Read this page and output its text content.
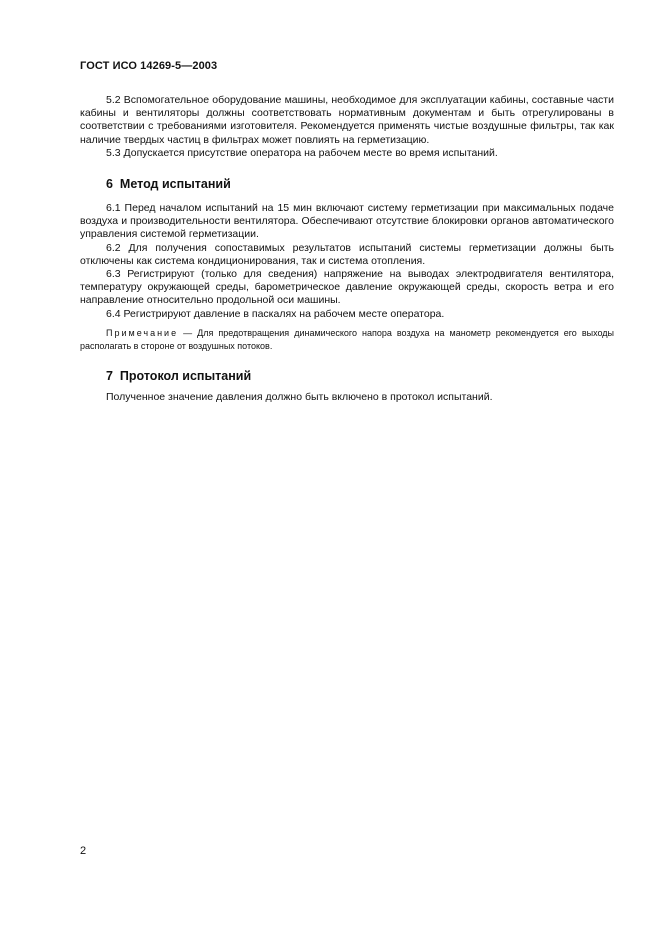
ГОСТ ИСО 14269-5—2003

5.2 Вспомогательное оборудование машины, необходимое для эксплуатации кабины, составные части кабины и вентиляторы должны соответствовать нормативным документам и быть отрегулированы в соответствии с требованиями изготовителя. Рекомендуется применять чистые воздушные фильтры, так как наличие твердых частиц в фильтрах может повлиять на герметизацию.

5.3 Допускается присутствие оператора на рабочем месте во время испытаний.

6 Метод испытаний

6.1 Перед началом испытаний на 15 мин включают систему герметизации при максимальных подаче воздуха и производительности вентилятора. Обеспечивают отсутствие блокировки органов автоматического управления системой герметизации.

6.2 Для получения сопоставимых результатов испытаний системы герметизации должны быть отключены как система кондиционирования, так и система отопления.

6.3 Регистрируют (только для сведения) напряжение на выводах электродвигателя вентилятора, температуру окружающей среды, барометрическое давление окружающей среды, скорость ветра и его направление относительно продольной оси машины.

6.4 Регистрируют давление в паскалях на рабочем месте оператора.

Примечание — Для предотвращения динамического напора воздуха на манометр рекомендуется его выходы располагать в стороне от воздушных потоков.

7 Протокол испытаний

Полученное значение давления должно быть включено в протокол испытаний.

2
